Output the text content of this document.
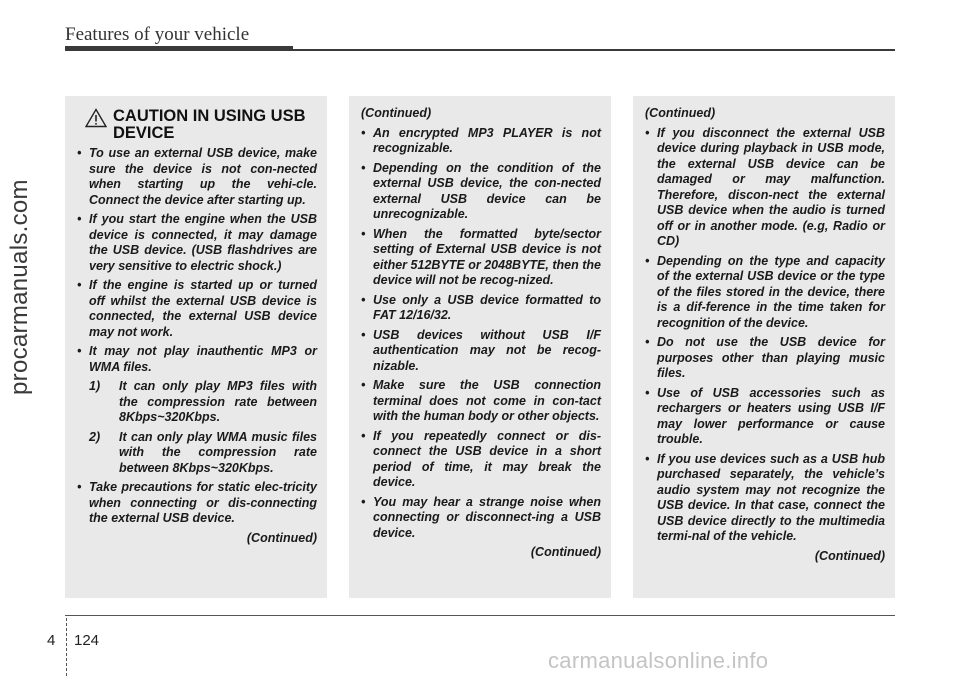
Features of your vehicle
procarmanuals.com
CAUTION IN USING USB DEVICE
• To use an external USB device, make sure the device is not con-nected when starting up the vehi-cle. Connect the device after starting up.
• If you start the engine when the USB device is connected, it may damage the USB device. (USB flashdrives are very sensitive to electric shock.)
• If the engine is started up or turned off whilst the external USB device is connected, the external USB device may not work.
• It may not play inauthentic MP3 or WMA files.
1) It can only play MP3 files with the compression rate between 8Kbps~320Kbps.
2) It can only play WMA music files with the compression rate between 8Kbps~320Kbps.
• Take precautions for static elec-tricity when connecting or dis-connecting the external USB device.
(Continued)
(Continued)
• An encrypted MP3 PLAYER is not recognizable.
• Depending on the condition of the external USB device, the con-nected external USB device can be unrecognizable.
• When the formatted byte/sector setting of External USB device is not either 512BYTE or 2048BYTE, then the device will not be recog-nized.
• Use only a USB device formatted to FAT 12/16/32.
• USB devices without USB I/F authentication may not be recog-nizable.
• Make sure the USB connection terminal does not come in con-tact with the human body or other objects.
• If you repeatedly connect or dis-connect the USB device in a short period of time, it may break the device.
• You may hear a strange noise when connecting or disconnect-ing a USB device.
(Continued)
(Continued)
• If you disconnect the external USB device during playback in USB mode, the external USB device can be damaged or may malfunction. Therefore, discon-nect the external USB device when the audio is turned off or in another mode. (e.g, Radio or CD)
• Depending on the type and capacity of the external USB device or the type of the files stored in the device, there is a dif-ference in the time taken for recognition of the device.
• Do not use the USB device for purposes other than playing music files.
• Use of USB accessories such as rechargers or heaters using USB I/F may lower performance or cause trouble.
• If you use devices such as a USB hub purchased separately, the vehicle’s audio system may not recognize the USB device. In that case, connect the USB device directly to the multimedia termi-nal of the vehicle.
(Continued)
4 124
carmanualsonline.info
